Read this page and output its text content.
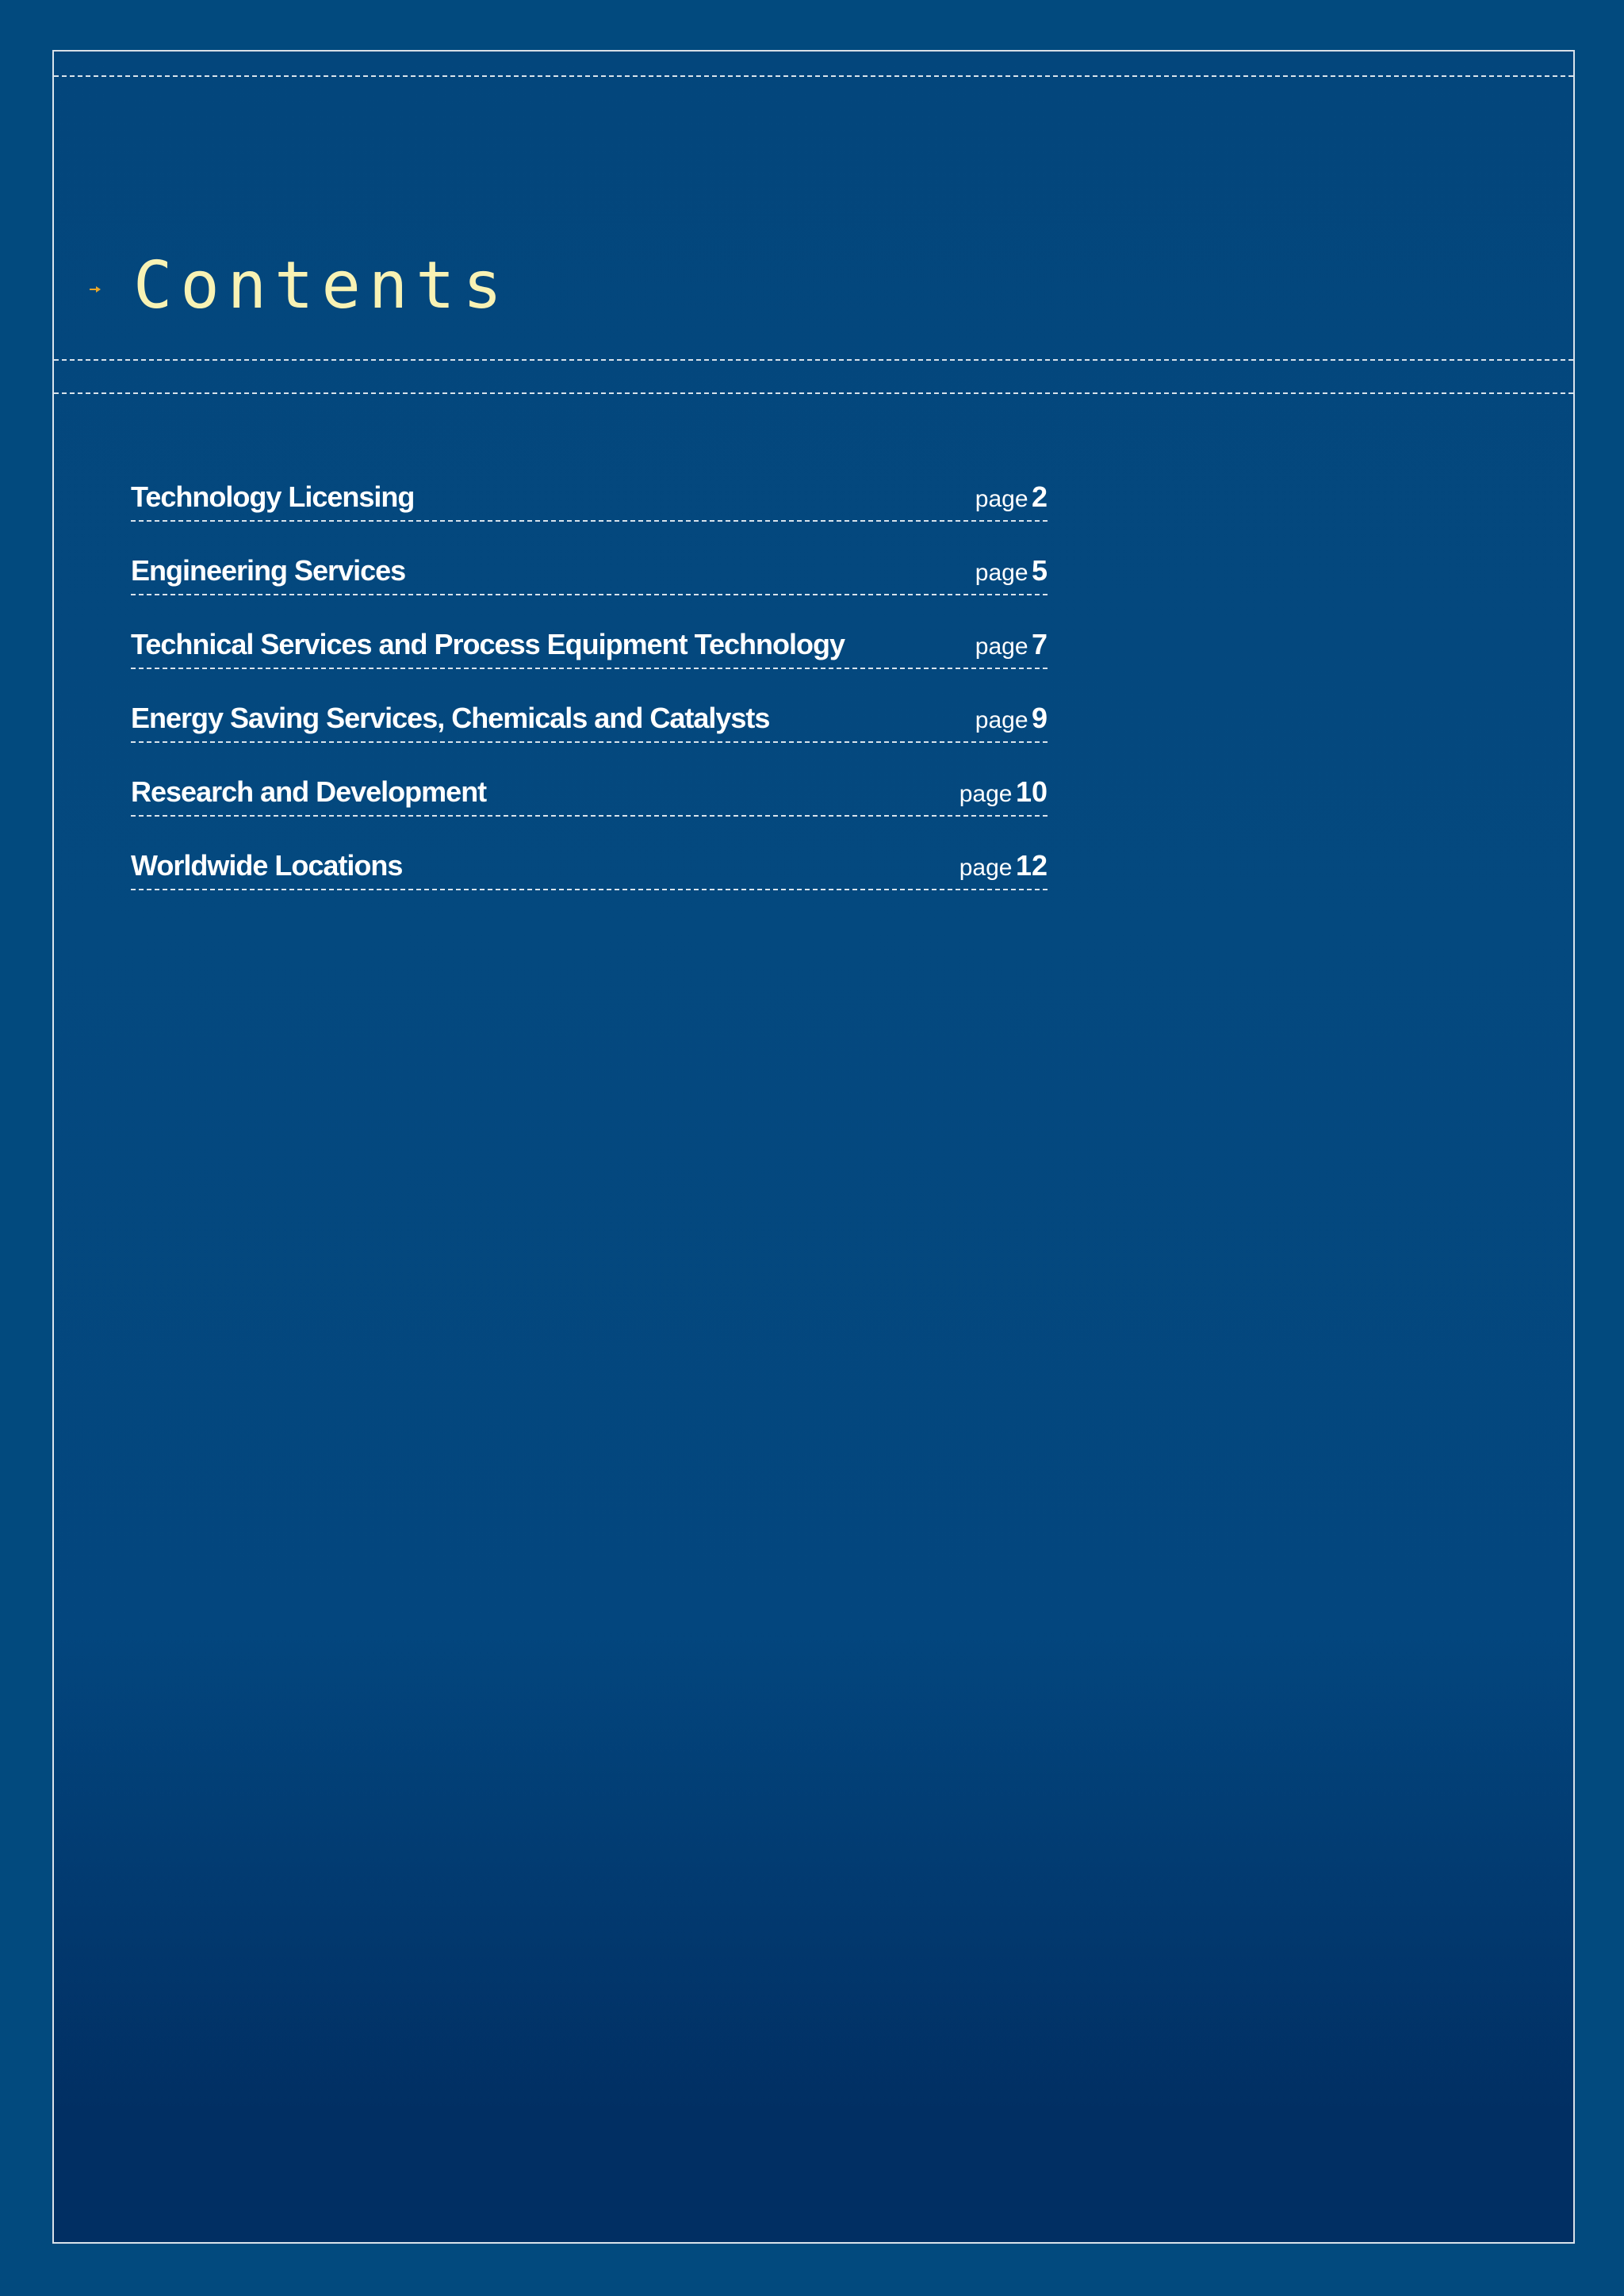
Contents
Technology Licensing	page 2
Engineering Services	page 5
Technical Services and Process Equipment Technology	page 7
Energy Saving Services, Chemicals and Catalysts	page 9
Research and Development	page 10
Worldwide Locations	page 12
